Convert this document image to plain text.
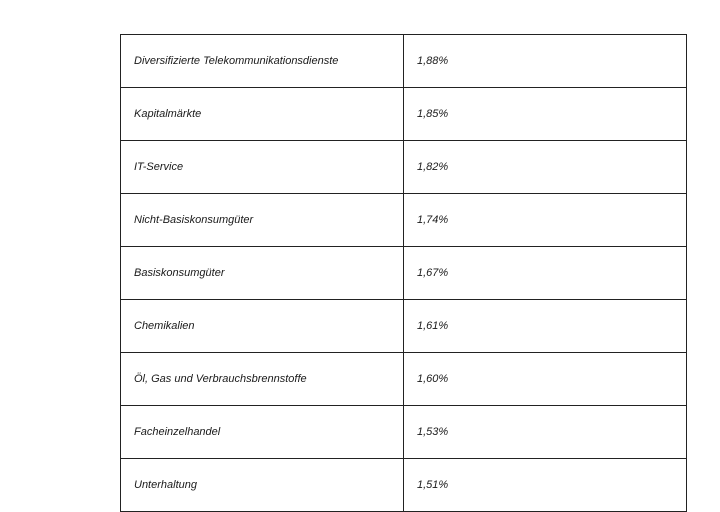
Diversifizierte Telekommunikationsdienste	1,88%
Kapitalmärkte	1,85%
IT-Service	1,82%
Nicht-Basiskonsumgüter	1,74%
Basiskonsumgüter	1,67%
Chemikalien	1,61%
Öl, Gas und Verbrauchsbrennstoffe	1,60%
Facheinzelhandel	1,53%
Unterhaltung	1,51%
